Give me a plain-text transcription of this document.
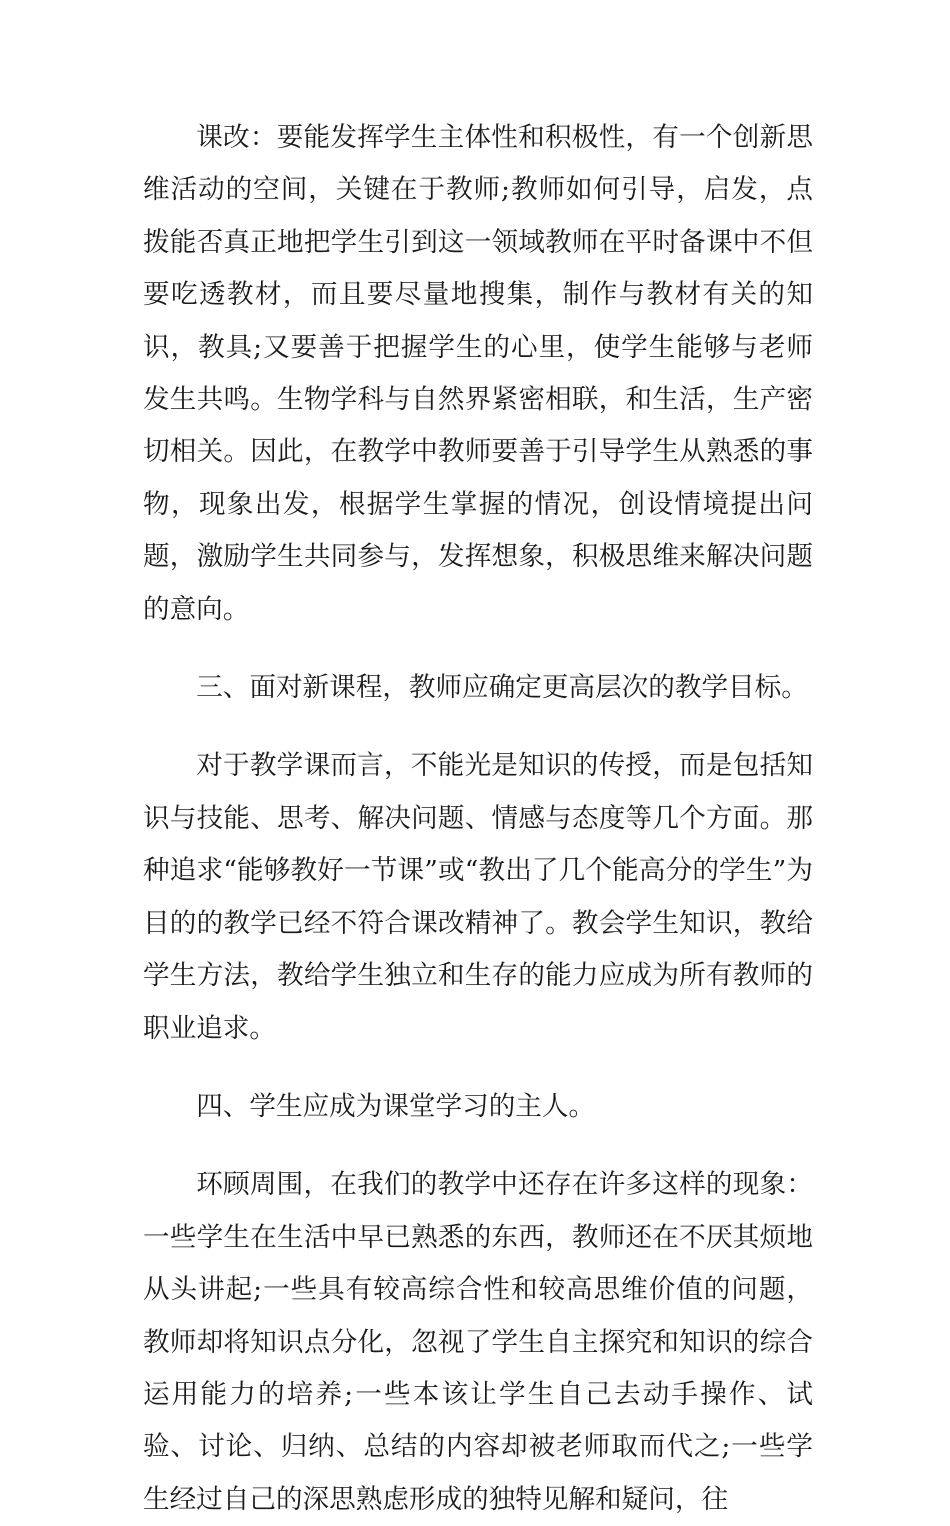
课改：要能发挥学生主体性和积极性，有一个创新思维活动的空间，关键在于教师;教师如何引导，启发，点拨能否真正地把学生引到这一领域教师在平时备课中不但要吃透教材，而且要尽量地搜集，制作与教材有关的知识，教具;又要善于把握学生的心里，使学生能够与老师发生共鸣。生物学科与自然界紧密相联，和生活，生产密切相关。因此，在教学中教师要善于引导学生从熟悉的事物，现象出发，根据学生掌握的情况，创设情境提出问题，激励学生共同参与，发挥想象，积极思维来解决问题的意向。

三、面对新课程，教师应确定更高层次的教学目标。

对于教学课而言，不能光是知识的传授，而是包括知识与技能、思考、解决问题、情感与态度等几个方面。那种追求“能够教好一节课”或“教出了几个能高分的学生”为目的的教学已经不符合课改精神了。教会学生知识，教给学生方法，教给学生独立和生存的能力应成为所有教师的职业追求。

四、学生应成为课堂学习的主人。

环顾周围，在我们的教学中还存在许多这样的现象：一些学生在生活中早已熟悉的东西，教师还在不厌其烦地从头讲起;一些具有较高综合性和较高思维价值的问题，教师却将知识点分化，忽视了学生自主探究和知识的综合运用能力的培养;一些本该让学生自己去动手操作、试验、讨论、归纳、总结的内容却被老师取而代之;一些学生经过自己的深思熟虑形成的独特见解和疑问，往
